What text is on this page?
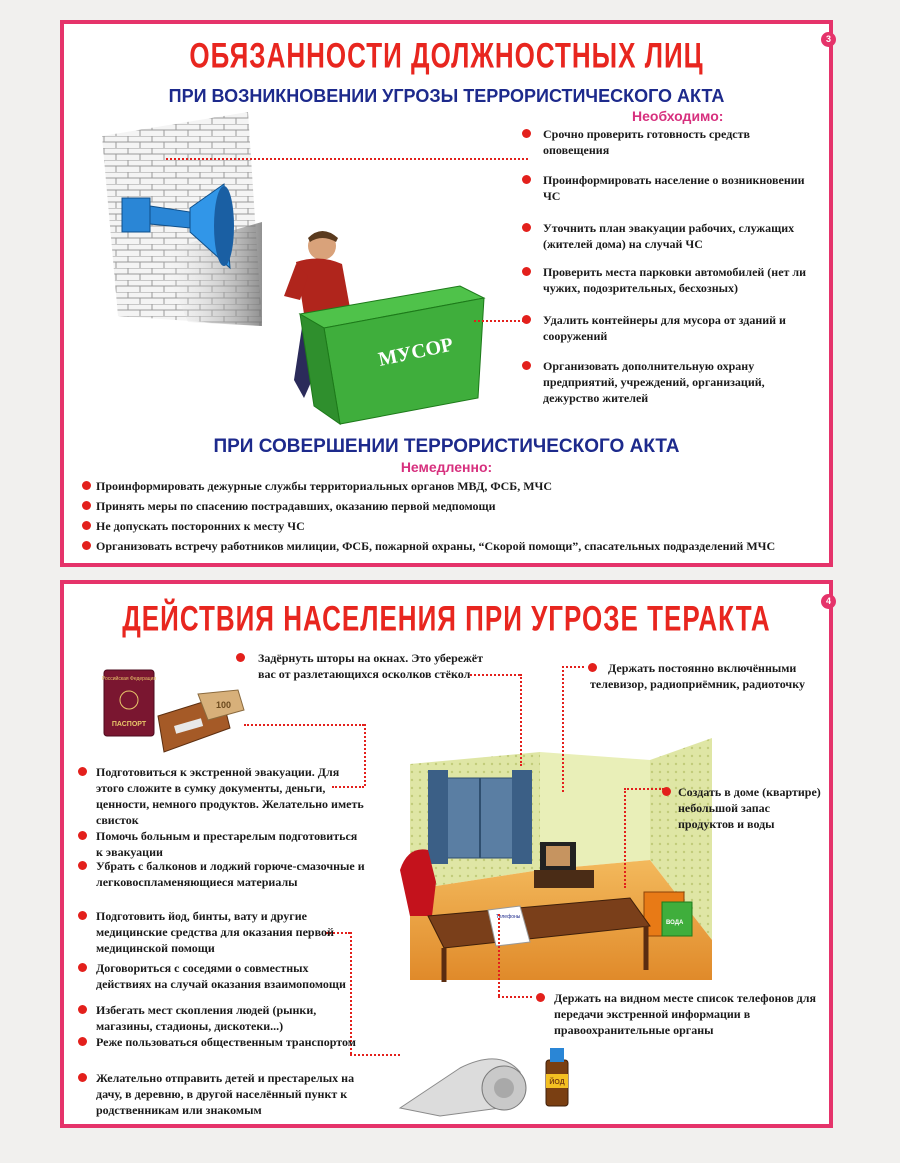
3
ОБЯЗАННОСТИ ДОЛЖНОСТНЫХ ЛИЦ
ПРИ ВОЗНИКНОВЕНИИ УГРОЗЫ ТЕРРОРИСТИЧЕСКОГО АКТА
Необходимо:
МУСОР
Срочно проверить готовность средств оповещения
Проинформировать население о возникновении ЧС
Уточнить план эвакуации рабочих, служащих (жителей дома) на случай ЧС
Проверить места парковки автомобилей (нет ли чужих, подозрительных, бесхозных)
Удалить контейнеры для мусора от зданий и сооружений
Организовать дополнительную охрану предприятий, учреждений, организаций, дежурство жителей
ПРИ СОВЕРШЕНИИ ТЕРРОРИСТИЧЕСКОГО АКТА
Немедленно:
Проинформировать дежурные службы территориальных органов МВД, ФСБ, МЧС
Принять меры по спасению пострадавших, оказанию первой медпомощи
Не допускать посторонних к месту ЧС
Организовать встречу работников милиции, ФСБ, пожарной охраны, “Скорой помощи”, спасательных подразделений МЧС
4
ДЕЙСТВИЯ НАСЕЛЕНИЯ ПРИ УГРОЗЕ ТЕРАКТА
Российская Федерация
ПАСПОРТ
100
ВОДА
Телефоны
ЙОД
Задёрнуть шторы на окнах. Это убережёт вас от разлетающихся осколков стёкол	Держать постоянно включёнными телевизор, радиоприёмник, радиоточку
Создать в доме (квартире) небольшой запас продуктов и воды
Держать на видном месте список телефонов для передачи экстренной информации в правоохранительные органы
Подготовиться к экстренной эвакуации. Для этого сложите в сумку документы, деньги, ценности, немного продуктов. Желательно иметь свисток
Помочь больным и престарелым подготовиться к эвакуации
Убрать с балконов и лоджий горюче-смазочные и легковоспламеняющиеся материалы
Подготовить йод, бинты, вату и другие медицинские средства для оказания первой медицинской помощи
Договориться с соседями о совместных действиях на случай оказания взаимопомощи
Избегать мест скопления людей (рынки, магазины, стадионы, дискотеки...)
Реже пользоваться общественным транспортом
Желательно отправить детей и престарелых на дачу, в деревню, в другой населённый пункт к родственникам или знакомым
